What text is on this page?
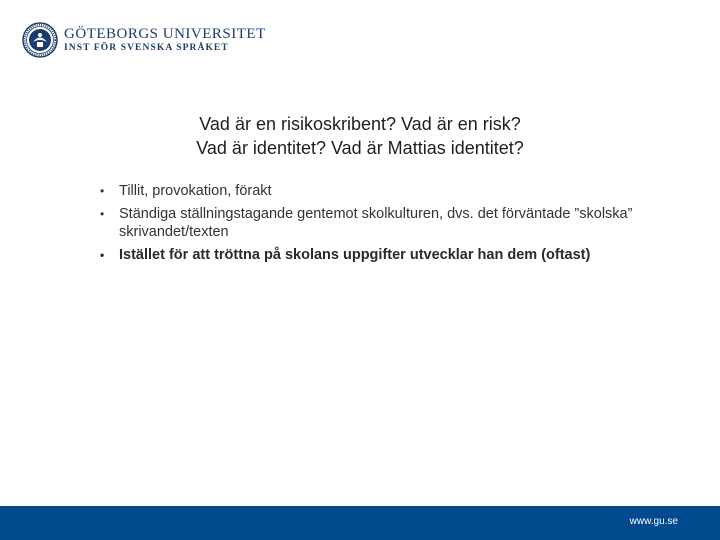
GÖTEBORGS UNIVERSITET
INST FÖR SVENSKA SPRÅKET
Vad är en risikoskribent? Vad är en risk?
Vad är identitet? Vad är Mattias identitet?
• Tillit, provokation, förakt
• Ständiga ställningstagande gentemot skolkulturen, dvs. det förväntade ”skolska” skrivandet/texten
• Istället för att tröttna på skolans uppgifter utvecklar han dem (oftast)
www.gu.se
